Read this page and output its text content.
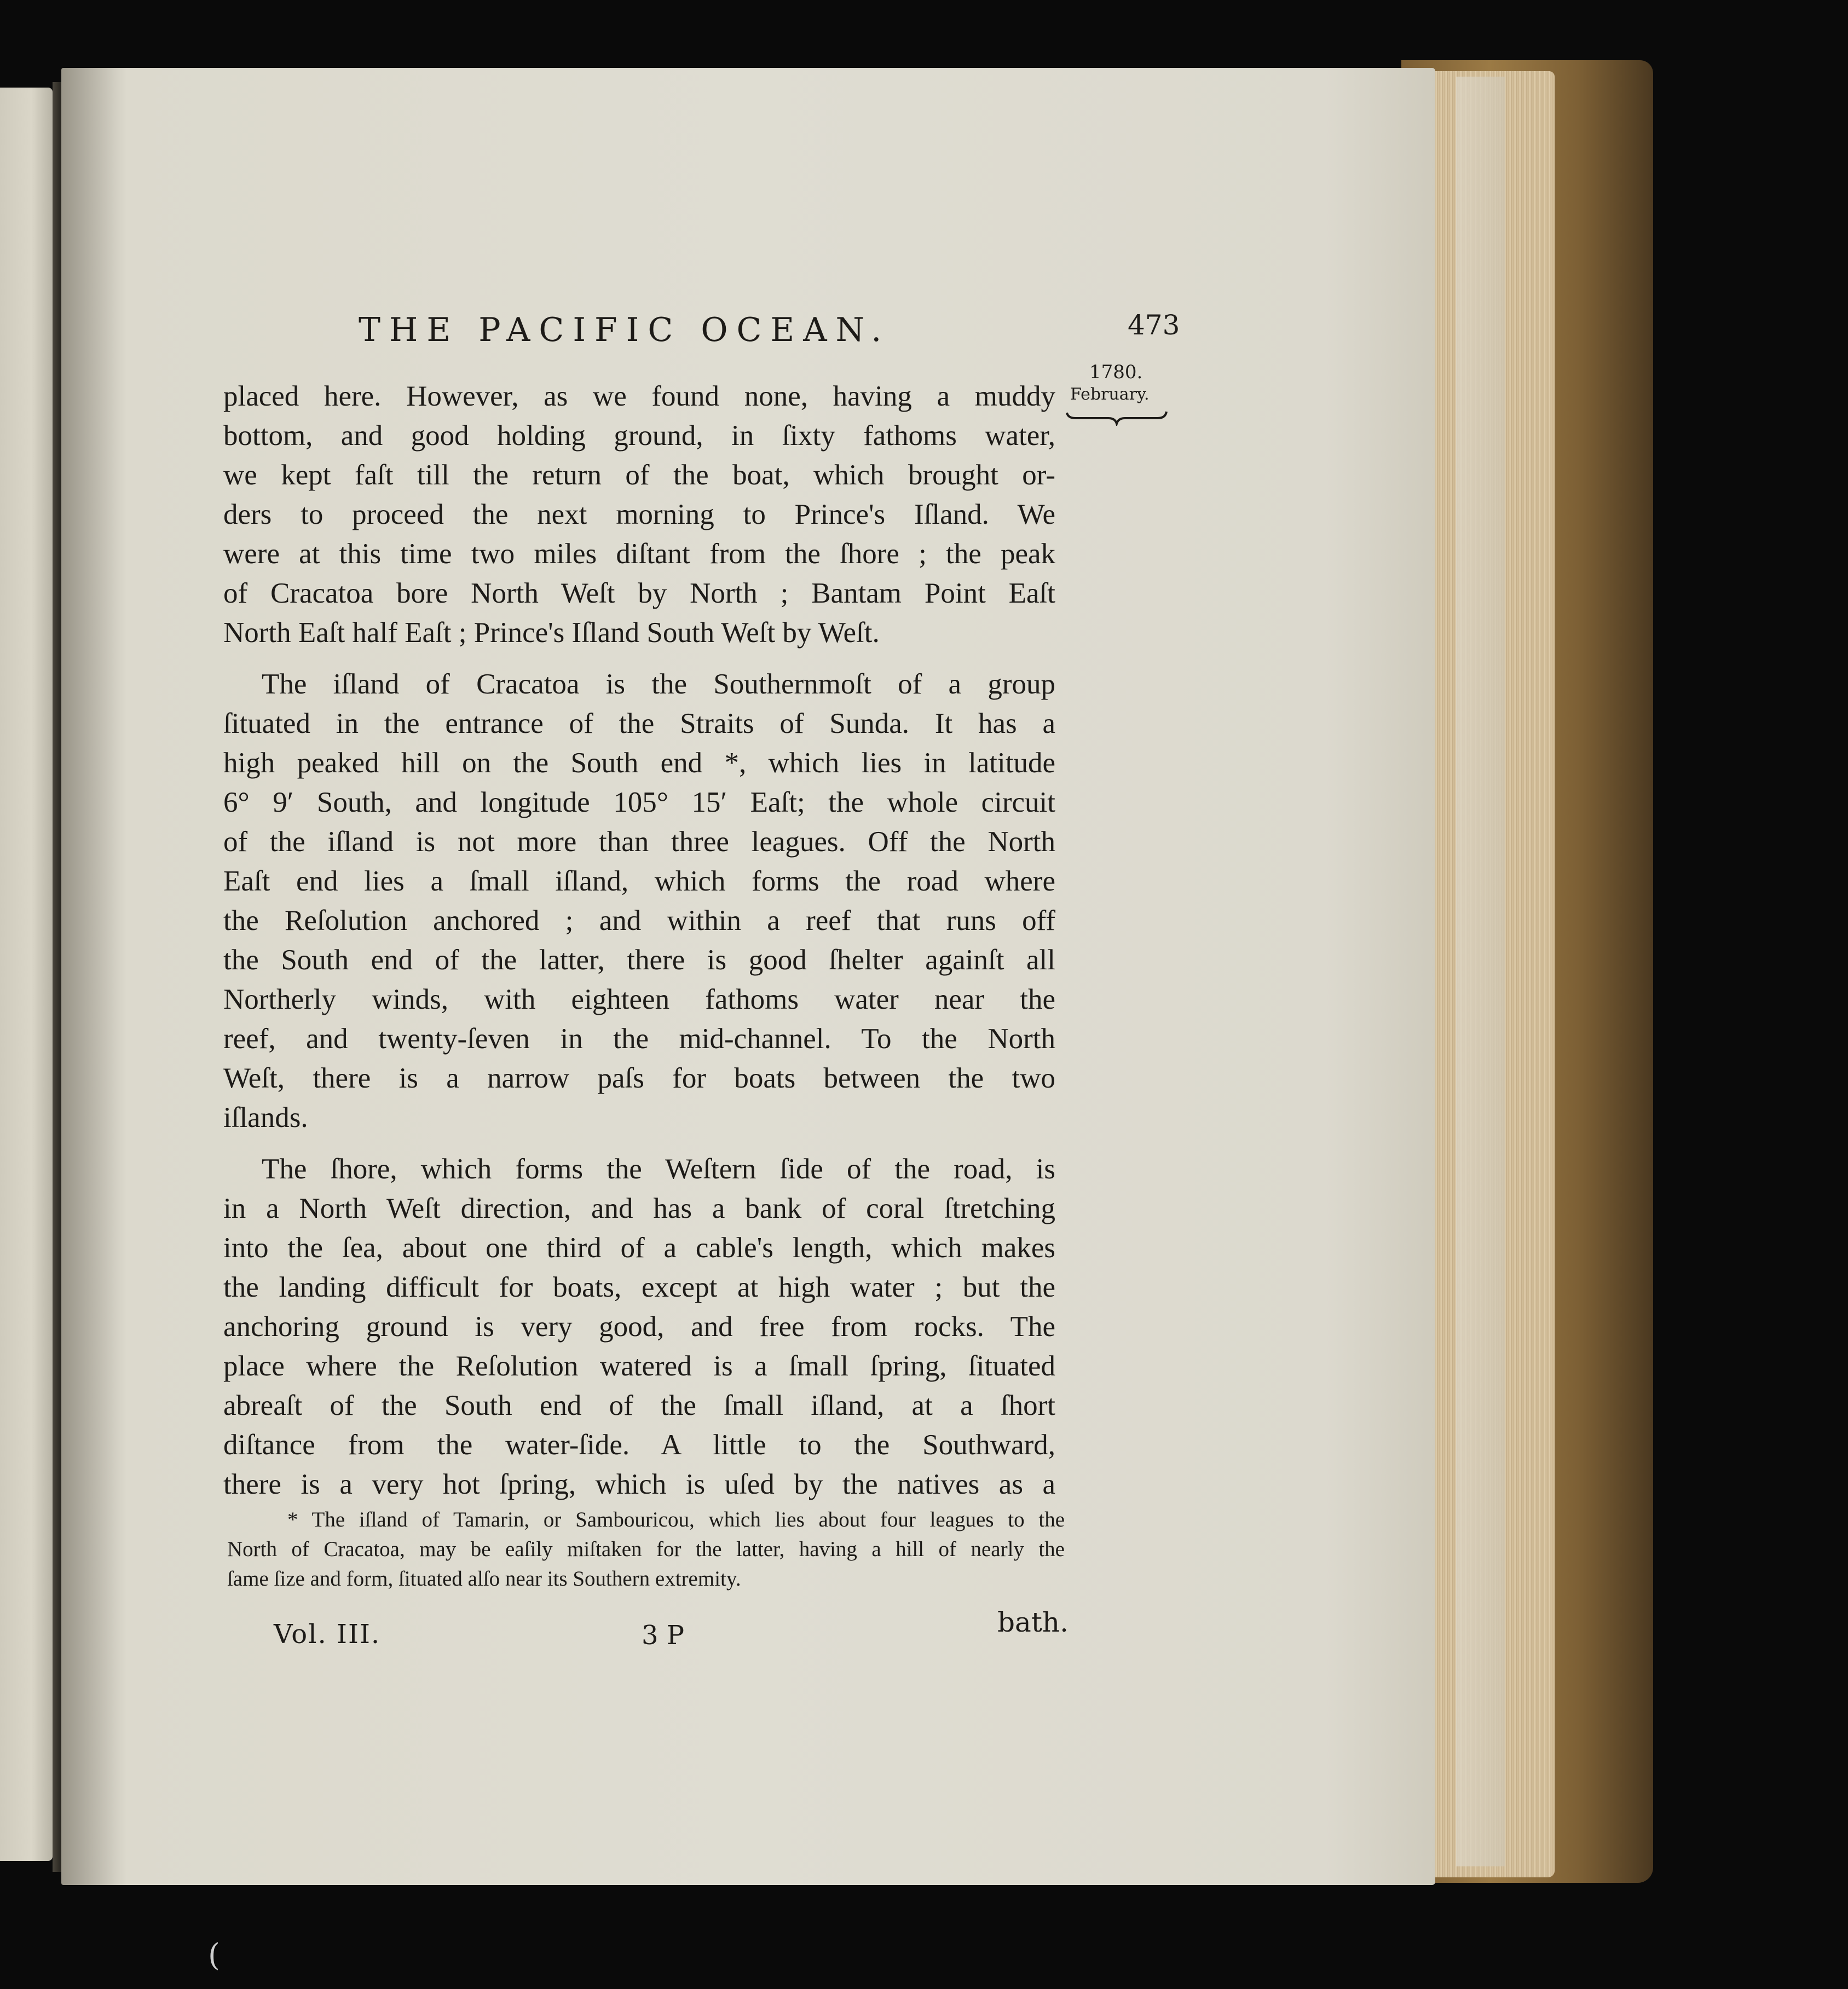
THE PACIFIC OCEAN.	473
1780.
February.
placed here. However, as we found none, having a muddy
bottom, and good holding ground, in ſixty fathoms water,
we kept faſt till the return of the boat, which brought or-
ders to proceed the next morning to Prince's Iſland. We
were at this time two miles diſtant from the ſhore ; the peak
of Cracatoa bore North Weſt by North ; Bantam Point Eaſt
North Eaſt half Eaſt ; Prince's Iſland South Weſt by Weſt.
The iſland of Cracatoa is the Southernmoſt of a group
ſituated in the entrance of the Straits of Sunda. It has a
high peaked hill on the South end *, which lies in latitude
6° 9′ South, and longitude 105° 15′ Eaſt; the whole circuit
of the iſland is not more than three leagues. Off the North
Eaſt end lies a ſmall iſland, which forms the road where
the Reſolution anchored ; and within a reef that runs off
the South end of the latter, there is good ſhelter againſt all
Northerly winds, with eighteen fathoms water near the
reef, and twenty-ſeven in the mid-channel. To the North
Weſt, there is a narrow paſs for boats between the two
iſlands.
The ſhore, which forms the Weſtern ſide of the road, is
in a North Weſt direction, and has a bank of coral ſtretching
into the ſea, about one third of a cable's length, which makes
the landing difficult for boats, except at high water ; but the
anchoring ground is very good, and free from rocks. The
place where the Reſolution watered is a ſmall ſpring, ſituated
abreaſt of the South end of the ſmall iſland, at a ſhort
diſtance from the water-ſide. A little to the Southward,
there is a very hot ſpring, which is uſed by the natives as a
* The iſland of Tamarin, or Sambouricou, which lies about four leagues to the
North of Cracatoa, may be eaſily miſtaken for the latter, having a hill of nearly the
ſame ſize and form, ſituated alſo near its Southern extremity.
Vol. III.	3 P	bath.
(
